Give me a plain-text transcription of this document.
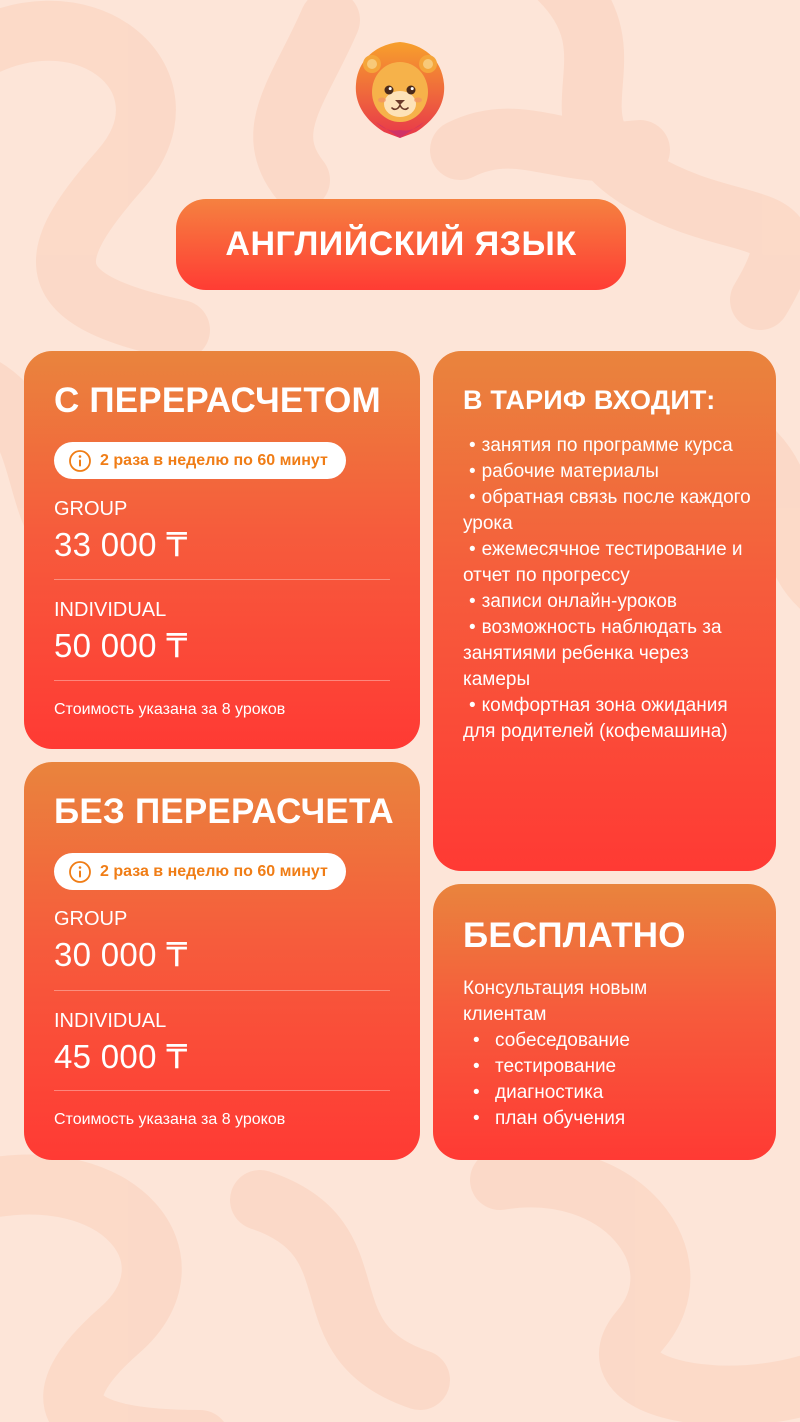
АНГЛИЙСКИЙ ЯЗЫК
С ПЕРЕРАСЧЕТОМ
2 раза в неделю по 60 минут
GROUP
33 000 ₸
INDIVIDUAL
50 000 ₸
Стоимость указана за 8 уроков
БЕЗ ПЕРЕРАСЧЕТА
2 раза в неделю по 60 минут
GROUP
30 000 ₸
INDIVIDUAL
45 000 ₸
Стоимость указана за 8 уроков
В ТАРИФ ВХОДИТ:
• занятия по программе курса
• рабочие материалы
• обратная связь после каждого урока
• ежемесячное тестирование и отчет по прогрессу
• записи онлайн-уроков
• возможность наблюдать за занятиями ребенка через камеры
• комфортная зона ожидания для родителей (кофемашина)
БЕСПЛАТНО
Консультация новым клиентам
• собеседование
• тестирование
• диагностика
• план обучения
